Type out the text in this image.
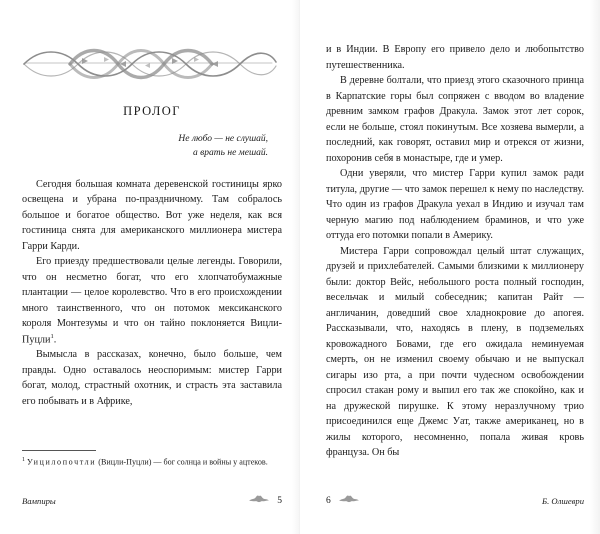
ПРОЛОГ
Не любо — не слушай,
а врать не мешай.

Сегодня большая комната деревенской гостиницы ярко освещена и убрана по-праздничному. Там собралось большое и богатое общество. Вот уже неделя, как вся гостиница снята для американского миллионера мистера Гарри Карди.

Его приезду предшествовали целые легенды. Говорили, что он несметно богат, что его хлопчатобумажные плантации — целое королевство. Что в его происхождении много таинственного, что он потомок мексиканского короля Монтезумы и что он тайно поклоняется Вицли-Пуцли$^1$.

Вымысла в рассказах, конечно, было больше, чем правды. Одно оставалось неоспоримым: мистер Гарри богат, молод, страстный охотник, и страсть эта заставила его побывать и в Африке,

$^1$ Уицилопочтли (Вицли-Пуцли) — бог солнца и войны у ацтеков.
Вампиры	5

и в Индии. В Европу его привело дело и любопытство путешественника.

В деревне болтали, что приезд этого сказочного принца в Карпатские горы был сопряжен с вводом во владение древним замком графов Дракула. Замок этот лет сорок, если не больше, стоял покинутым. Все хозяева вымерли, а последний, как говорят, оставил мир и отрекся от жизни, похоронив себя в монастыре, где и умер.

Одни уверяли, что мистер Гарри купил замок ради титула, другие — что замок перешел к нему по наследству. Что один из графов Дракула уехал в Индию и изучал там черную магию под наблюдением браминов, и что уже оттуда его потомки попали в Америку.

Мистера Гарри сопровождал целый штат служащих, друзей и прихлебателей. Самыми близкими к миллионеру были: доктор Вейс, небольшого роста полный господин, весельчак и милый собеседник; капитан Райт — англичанин, доведший свое хладнокровие до апогея. Рассказывали, что, находясь в плену, в подземельях кровожадного Бовами, где его ожидала неминуемая смерть, он не изменил своему обычаю и не выпускал сигары изо рта, а при почти чудесном освобождении спросил стакан рому и выпил его так же спокойно, как и на дружеской пирушке. К этому неразлучному трио присоединился еще Джемс Уат, также американец, но в жилы которого, несомненно, попала живая кровь француза. Он бы

6	Б. Олшеври
